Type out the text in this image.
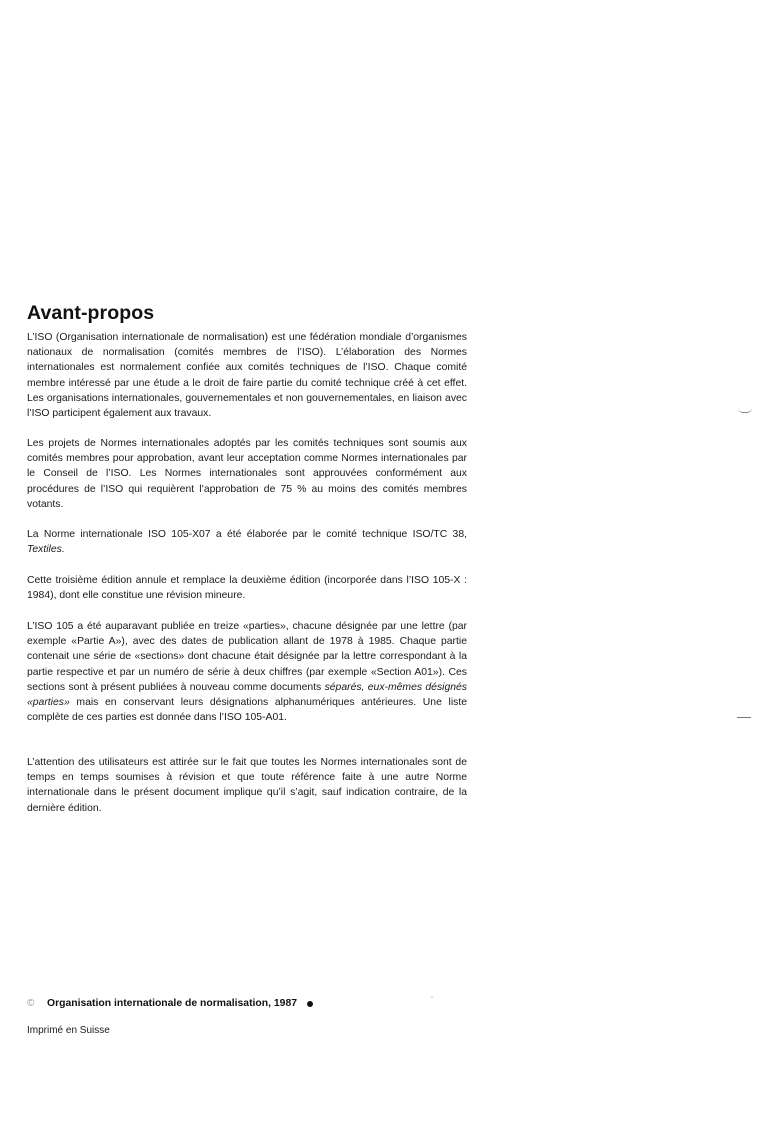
Avant-propos

L’ISO (Organisation internationale de normalisation) est une fédération mondiale d’organismes nationaux de normalisation (comités membres de l’ISO). L’élaboration des Normes internationales est normalement confiée aux comités techniques de l’ISO. Chaque comité membre intéressé par une étude a le droit de faire partie du comité technique créé à cet effet. Les organisations internationales, gouvernementales et non gouvernementales, en liaison avec l’ISO participent également aux travaux.

Les projets de Normes internationales adoptés par les comités techniques sont soumis aux comités membres pour approbation, avant leur acceptation comme Normes internationales par le Conseil de l’ISO. Les Normes internationales sont approuvées conformément aux procédures de l’ISO qui requièrent l’approbation de 75 % au moins des comités membres votants.

La Norme internationale ISO 105-X07 a été élaborée par le comité technique ISO/TC 38, Textiles.

Cette troisième édition annule et remplace la deuxième édition (incorporée dans l’ISO 105-X : 1984), dont elle constitue une révision mineure.

L’ISO 105 a été auparavant publiée en treize «parties», chacune désignée par une lettre (par exemple «Partie A»), avec des dates de publication allant de 1978 à 1985. Chaque partie contenait une série de «sections» dont chacune était désignée par la lettre correspondant à la partie respective et par un numéro de série à deux chiffres (par exemple «Section A01»). Ces sections sont à présent publiées à nouveau comme documents séparés, eux-mêmes désignés «parties» mais en conservant leurs désignations alphanumériques antérieures. Une liste complète de ces parties est donnée dans l’ISO 105-A01.

L’attention des utilisateurs est attirée sur le fait que toutes les Normes internationales sont de temps en temps soumises à révision et que toute référence faite à une autre Norme internationale dans le présent document implique qu’il s’agit, sauf indication contraire, de la dernière édition.

©	Organisation internationale de normalisation, 1987
Imprimé en Suisse
